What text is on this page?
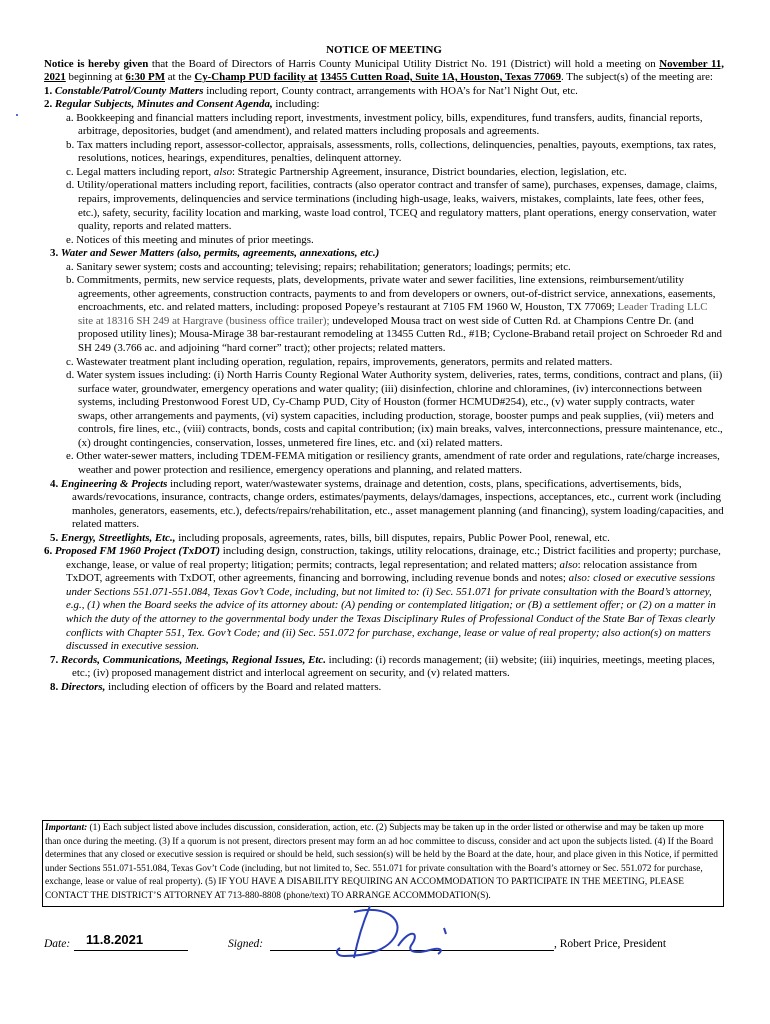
NOTICE OF MEETING

Notice is hereby given that the Board of Directors of Harris County Municipal Utility District No. 191 (District) will hold a meeting on November 11, 2021 beginning at 6:30 PM at the Cy-Champ PUD facility at 13455 Cutten Road, Suite 1A, Houston, Texas 77069. The subject(s) of the meeting are:

1. Constable/Patrol/County Matters including report, County contract, arrangements with HOA’s for Nat’l Night Out, etc.

2. Regular Subjects, Minutes and Consent Agenda, including:

a. Bookkeeping and financial matters including report, investments, investment policy, bills, expenditures, fund transfers, audits, financial reports, arbitrage, depositories, budget (and amendment), and related matters including proposals and agreements.

b. Tax matters including report, assessor-collector, appraisals, assessments, rolls, collections, delinquencies, penalties, payouts, exemptions, tax rates, resolutions, notices, hearings, expenditures, penalties, delinquent attorney.

c. Legal matters including report, also: Strategic Partnership Agreement, insurance, District boundaries, election, legislation, etc.

d. Utility/operational matters including report, facilities, contracts (also operator contract and transfer of same), purchases, expenses, damage, claims, repairs, improvements, delinquencies and service terminations (including high-usage, leaks, waivers, mistakes, complaints, late fees, other fees, etc.), safety, security, facility location and marking, waste load control, TCEQ and regulatory matters, plant operations, energy conservation, water quality, reports and related matters.

e. Notices of this meeting and minutes of prior meetings.

3. Water and Sewer Matters (also, permits, agreements, annexations, etc.)

a. Sanitary sewer system; costs and accounting; televising; repairs; rehabilitation; generators; loadings; permits; etc.

b. Commitments, permits, new service requests, plats, developments, private water and sewer facilities, line extensions, reimbursement/utility agreements, other agreements, construction contracts, payments to and from developers or owners, out-of-district service, annexations, easements, encroachments, etc. and related matters, including: proposed Popeye’s restaurant at 7105 FM 1960 W, Houston, TX 77069; Leader Trading LLC site at 18316 SH 249 at Hargrave (business office trailer); undeveloped Mousa tract on west side of Cutten Rd. at Champions Centre Dr. (and proposed utility lines); Mousa-Mirage 38 bar-restaurant remodeling at 13455 Cutten Rd., #1B; Cyclone-Braband retail project on Schroeder Rd and SH 249 (3.766 ac. and adjoining “hard corner” tract); other projects; related matters.

c. Wastewater treatment plant including operation, regulation, repairs, improvements, generators, permits and related matters.

d. Water system issues including: (i) North Harris County Regional Water Authority system, deliveries, rates, terms, conditions, contract and plans, (ii) surface water, groundwater, emergency operations and water quality; (iii) disinfection, chlorine and chloramines, (iv) interconnections between systems, including Prestonwood Forest UD, Cy-Champ PUD, City of Houston (former HCMUD#254), etc., (v) water supply contracts, water swaps, other arrangements and payments, (vi) system capacities, including production, storage, booster pumps and peak supplies, (vii) meters and controls, fire lines, etc., (viii) contracts, bonds, costs and capital contribution; (ix) main breaks, valves, interconnections, pressure maintenance, etc., (x) drought contingencies, conservation, losses, unmetered fire lines, etc. and (xi) related matters.

e. Other water-sewer matters, including TDEM-FEMA mitigation or resiliency grants, amendment of rate order and regulations, rate/charge increases, weather and power protection and resilience, emergency operations and planning, and related matters.

4. Engineering & Projects including report, water/wastewater systems, drainage and detention, costs, plans, specifications, advertisements, bids, awards/revocations, insurance, contracts, change orders, estimates/payments, delays/damages, inspections, acceptances, etc., current work (including manholes, generators, easements, etc.), defects/repairs/rehabilitation, etc., asset management planning (and financing), system loading/capacities, and related matters.

5. Energy, Streetlights, Etc., including proposals, agreements, rates, bills, bill disputes, repairs, Public Power Pool, renewal, etc.

6. Proposed FM 1960 Project (TxDOT) including design, construction, takings, utility relocations, drainage, etc.; District facilities and property; purchase, exchange, lease, or value of real property; litigation; permits; contracts, legal representation; and related matters; also: relocation assistance from TxDOT, agreements with TxDOT, other agreements, financing and borrowing, including revenue bonds and notes; also: closed or executive sessions under Sections 551.071-551.084, Texas Gov’t Code, including, but not limited to: (i) Sec. 551.071 for private consultation with the Board’s attorney, e.g., (1) when the Board seeks the advice of its attorney about: (A) pending or contemplated litigation; or (B) a settlement offer; or (2) on a matter in which the duty of the attorney to the governmental body under the Texas Disciplinary Rules of Professional Conduct of the State Bar of Texas clearly conflicts with Chapter 551, Tex. Gov’t Code; and (ii) Sec. 551.072 for purchase, exchange, lease or value of real property; also action(s) on matters discussed in executive session.

7. Records, Communications, Meetings, Regional Issues, Etc. including: (i) records management; (ii) website; (iii) inquiries, meetings, meeting places, etc.; (iv) proposed management district and interlocal agreement on security, and (v) related matters.

8. Directors, including election of officers by the Board and related matters.

Important: (1) Each subject listed above includes discussion, consideration, action, etc. (2) Subjects may be taken up in the order listed or otherwise and may be taken up more than once during the meeting. (3) If a quorum is not present, directors present may form an ad hoc committee to discuss, consider and act upon the subjects listed. (4) If the Board determines that any closed or executive session is required or should be held, such session(s) will be held by the Board at the date, hour, and place given in this Notice, if permitted under Sections 551.071-551.084, Texas Gov’t Code (including, but not limited to, Sec. 551.071 for private consultation with the Board’s attorney or Sec. 551.072 for purchase, exchange, lease or value of real property). (5) IF YOU HAVE A DISABILITY REQUIRING AN ACCOMMODATION TO PARTICIPATE IN THE MEETING, PLEASE CONTACT THE DISTRICT’S ATTORNEY AT 713-880-8808 (phone/text) TO ARRANGE ACCOMMODATION(S).
Date: 11.8.2021	Signed:	, Robert Price, President
